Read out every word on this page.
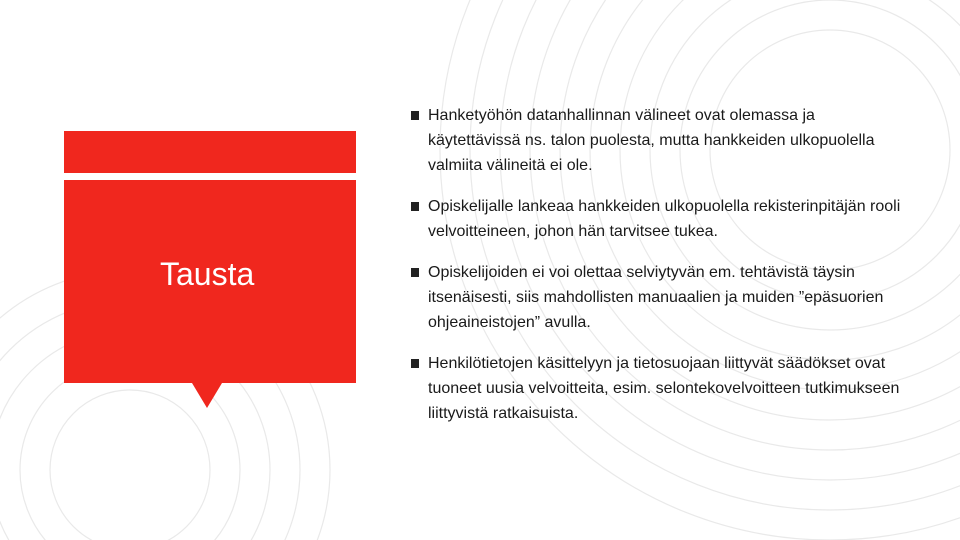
Tausta
Hanketyöhön datanhallinnan välineet ovat olemassa ja käytettävissä ns. talon puolesta, mutta hankkeiden ulkopuolella valmiita välineitä ei ole.
Opiskelijalle lankeaa hankkeiden ulkopuolella rekisterinpitäjän rooli velvoitteineen, johon hän tarvitsee tukea.
Opiskelijoiden ei voi olettaa selviytyvän em. tehtävistä täysin itsenäisesti, siis mahdollisten manuaalien ja muiden ”epäsuorien ohjeaineistojen” avulla.
Henkilötietojen käsittelyyn ja tietosuojaan liittyvät säädökset ovat tuoneet uusia velvoitteita, esim. selontekovelvoitteen tutkimukseen liittyvistä ratkaisuista.
